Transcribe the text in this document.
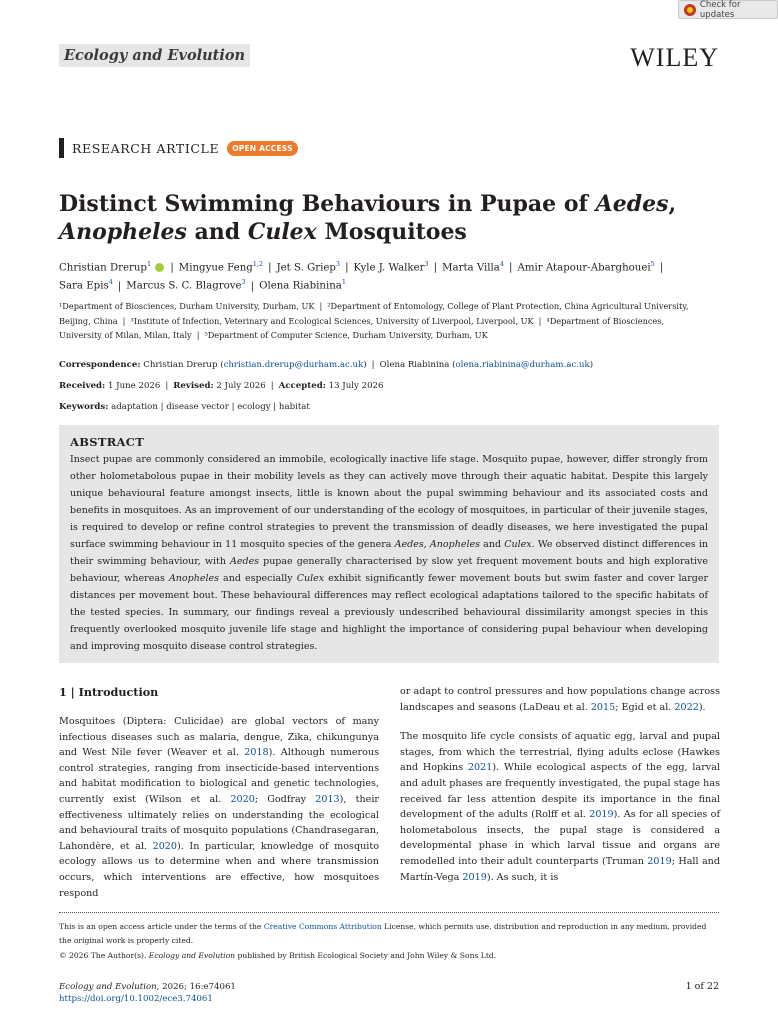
Check for updates
Ecology and Evolution	WILEY
RESEARCH ARTICLE	OPEN ACCESS
Distinct Swimming Behaviours in Pupae of Aedes,
Anopheles and Culex Mosquitoes
Christian Drerup$^1$ | Mingyue Feng$^{1,2}$ | Jet S. Griep$^3$ | Kyle J. Walker$^3$ | Marta Villa$^4$ | Amir Atapour-Abarghouei$^5$ |
Sara Epis$^4$ | Marcus S. C. Blagrove$^3$ | Olena Riabinina$^1$
¹Department of Biosciences, Durham University, Durham, UK | ²Department of Entomology, College of Plant Protection, China Agricultural University, Beijing, China | ³Institute of Infection, Veterinary and Ecological Sciences, University of Liverpool, Liverpool, UK | ⁴Department of Biosciences, University of Milan, Milan, Italy | ⁵Department of Computer Science, Durham University, Durham, UK
Correspondence: Christian Drerup (christian.drerup@durham.ac.uk) | Olena Riabinina (olena.riabinina@durham.ac.uk)
Received: 1 June 2026 | Revised: 2 July 2026 | Accepted: 13 July 2026
Keywords: adaptation | disease vector | ecology | habitat
ABSTRACT

Insect pupae are commonly considered an immobile, ecologically inactive life stage. Mosquito pupae, however, differ strongly from other holometabolous pupae in their mobility levels as they can actively move through their aquatic habitat. Despite this largely unique behavioural feature amongst insects, little is known about the pupal swimming behaviour and its associated costs and benefits in mosquitoes. As an improvement of our understanding of the ecology of mosquitoes, in particular of their juvenile stages, is required to develop or refine control strategies to prevent the transmission of deadly diseases, we here investigated the pupal surface swimming behaviour in 11 mosquito species of the genera Aedes, Anopheles and Culex. We observed distinct differences in their swimming behaviour, with Aedes pupae generally characterised by slow yet frequent movement bouts and high explorative behaviour, whereas Anopheles and especially Culex exhibit significantly fewer movement bouts but swim faster and cover larger distances per movement bout. These behavioural differences may reflect ecological adaptations tailored to the specific habitats of the tested species. In summary, our findings reveal a previously undescribed behavioural dissimilarity amongst species in this frequently overlooked mosquito juvenile life stage and highlight the importance of considering pupal behaviour when developing and improving mosquito disease control strategies.

1 | Introduction

Mosquitoes (Diptera: Culicidae) are global vectors of many infectious diseases such as malaria, dengue, Zika, chikungunya and West Nile fever (Weaver et al. 2018). Although numerous control strategies, ranging from insecticide-based interventions and habitat modification to biological and genetic technologies, currently exist (Wilson et al. 2020; Godfray 2013), their effectiveness ultimately relies on understanding the ecological and behavioural traits of mosquito populations (Chandrasegaran, Lahondère, et al. 2020). In particular, knowledge of mosquito ecology allows us to determine when and where transmission occurs, which interventions are effective, how mosquitoes respond

or adapt to control pressures and how populations change across landscapes and seasons (LaDeau et al. 2015; Egid et al. 2022).

The mosquito life cycle consists of aquatic egg, larval and pupal stages, from which the terrestrial, flying adults eclose (Hawkes and Hopkins 2021). While ecological aspects of the egg, larval and adult phases are frequently investigated, the pupal stage has received far less attention despite its importance in the final development of the adults (Rolff et al. 2019). As for all species of holometabolous insects, the pupal stage is considered a developmental phase in which larval tissue and organs are remodelled into their adult counterparts (Truman 2019; Hall and Martín-Vega 2019). As such, it is

This is an open access article under the terms of the Creative Commons Attribution License, which permits use, distribution and reproduction in any medium, provided the original work is properly cited.
© 2026 The Author(s). Ecology and Evolution published by British Ecological Society and John Wiley & Sons Ltd.
Ecology and Evolution, 2026; 16:e74061
https://doi.org/10.1002/ece3.74061
1 of 22
